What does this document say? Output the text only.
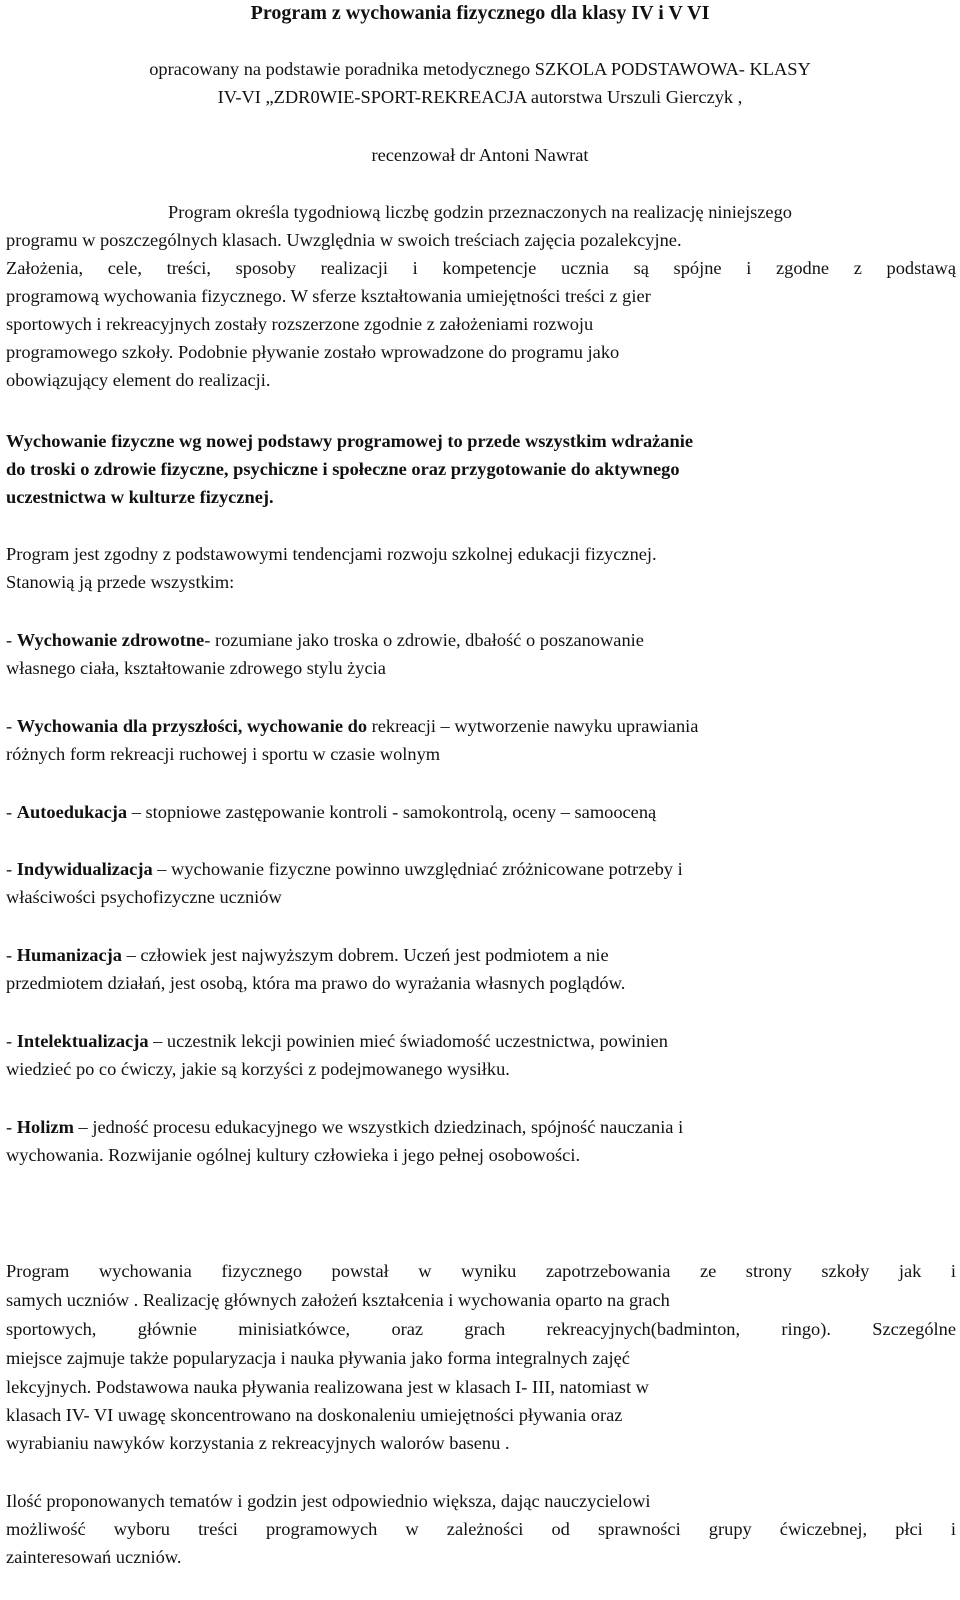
Program z wychowania fizycznego dla klasy IV i V VI
opracowany na podstawie poradnika metodycznego SZKOLA PODSTAWOWA- KLASY
IV-VI „ZDR0WIE-SPORT-REKREACJA autorstwa Urszuli Gierczyk ,
recenzował dr Antoni Nawrat
Program określa tygodniową liczbę godzin przeznaczonych na realizację niniejszego
programu w poszczególnych klasach. Uwzględnia w swoich treściach zajęcia pozalekcyjne.
Założenia, cele, treści, sposoby realizacji i kompetencje ucznia są spójne i zgodne z podstawą
programową wychowania fizycznego. W sferze kształtowania umiejętności treści z gier
sportowych i rekreacyjnych zostały rozszerzone zgodnie z założeniami rozwoju
programowego szkoły. Podobnie pływanie zostało wprowadzone do programu jako
obowiązujący element do realizacji.
Wychowanie fizyczne wg nowej podstawy programowej to przede wszystkim wdrażanie
do troski o zdrowie fizyczne, psychiczne i społeczne oraz przygotowanie do aktywnego
uczestnictwa w kulturze fizycznej.
Program jest zgodny z podstawowymi tendencjami rozwoju szkolnej edukacji fizycznej.
Stanowią ją przede wszystkim:
- Wychowanie zdrowotne- rozumiane jako troska o zdrowie, dbałość o poszanowanie
własnego ciała, kształtowanie zdrowego stylu życia
- Wychowania dla przyszłości, wychowanie do rekreacji – wytworzenie nawyku uprawiania
różnych form rekreacji ruchowej i sportu w czasie wolnym
- Autoedukacja – stopniowe zastępowanie kontroli - samokontrolą, oceny – samooceną
- Indywidualizacja – wychowanie fizyczne powinno uwzględniać zróżnicowane potrzeby i
właściwości psychofizyczne uczniów
- Humanizacja – człowiek jest najwyższym dobrem. Uczeń jest podmiotem a nie
przedmiotem działań, jest osobą, która ma prawo do wyrażania własnych poglądów.
- Intelektualizacja – uczestnik lekcji powinien mieć świadomość uczestnictwa, powinien
wiedzieć po co ćwiczy, jakie są korzyści z podejmowanego wysiłku.
- Holizm – jedność procesu edukacyjnego we wszystkich dziedzinach, spójność nauczania i
wychowania. Rozwijanie ogólnej kultury człowieka i jego pełnej osobowości.
Program wychowania fizycznego powstał w wyniku zapotrzebowania ze strony szkoły jak i
samych uczniów . Realizację głównych założeń kształcenia i wychowania oparto na grach
sportowych, głównie minisiatkówce, oraz grach rekreacyjnych(badminton, ringo). Szczególne
miejsce zajmuje także popularyzacja i nauka pływania jako forma integralnych zajęć
lekcyjnych. Podstawowa nauka pływania realizowana jest w klasach I- III, natomiast w
klasach IV- VI uwagę skoncentrowano na doskonaleniu umiejętności pływania oraz
wyrabianiu nawyków korzystania z rekreacyjnych walorów basenu .
Ilość proponowanych tematów i godzin jest odpowiednio większa, dając nauczycielowi
możliwość wyboru treści programowych w zależności od sprawności grupy ćwiczebnej, płci i
zainteresowań uczniów.
